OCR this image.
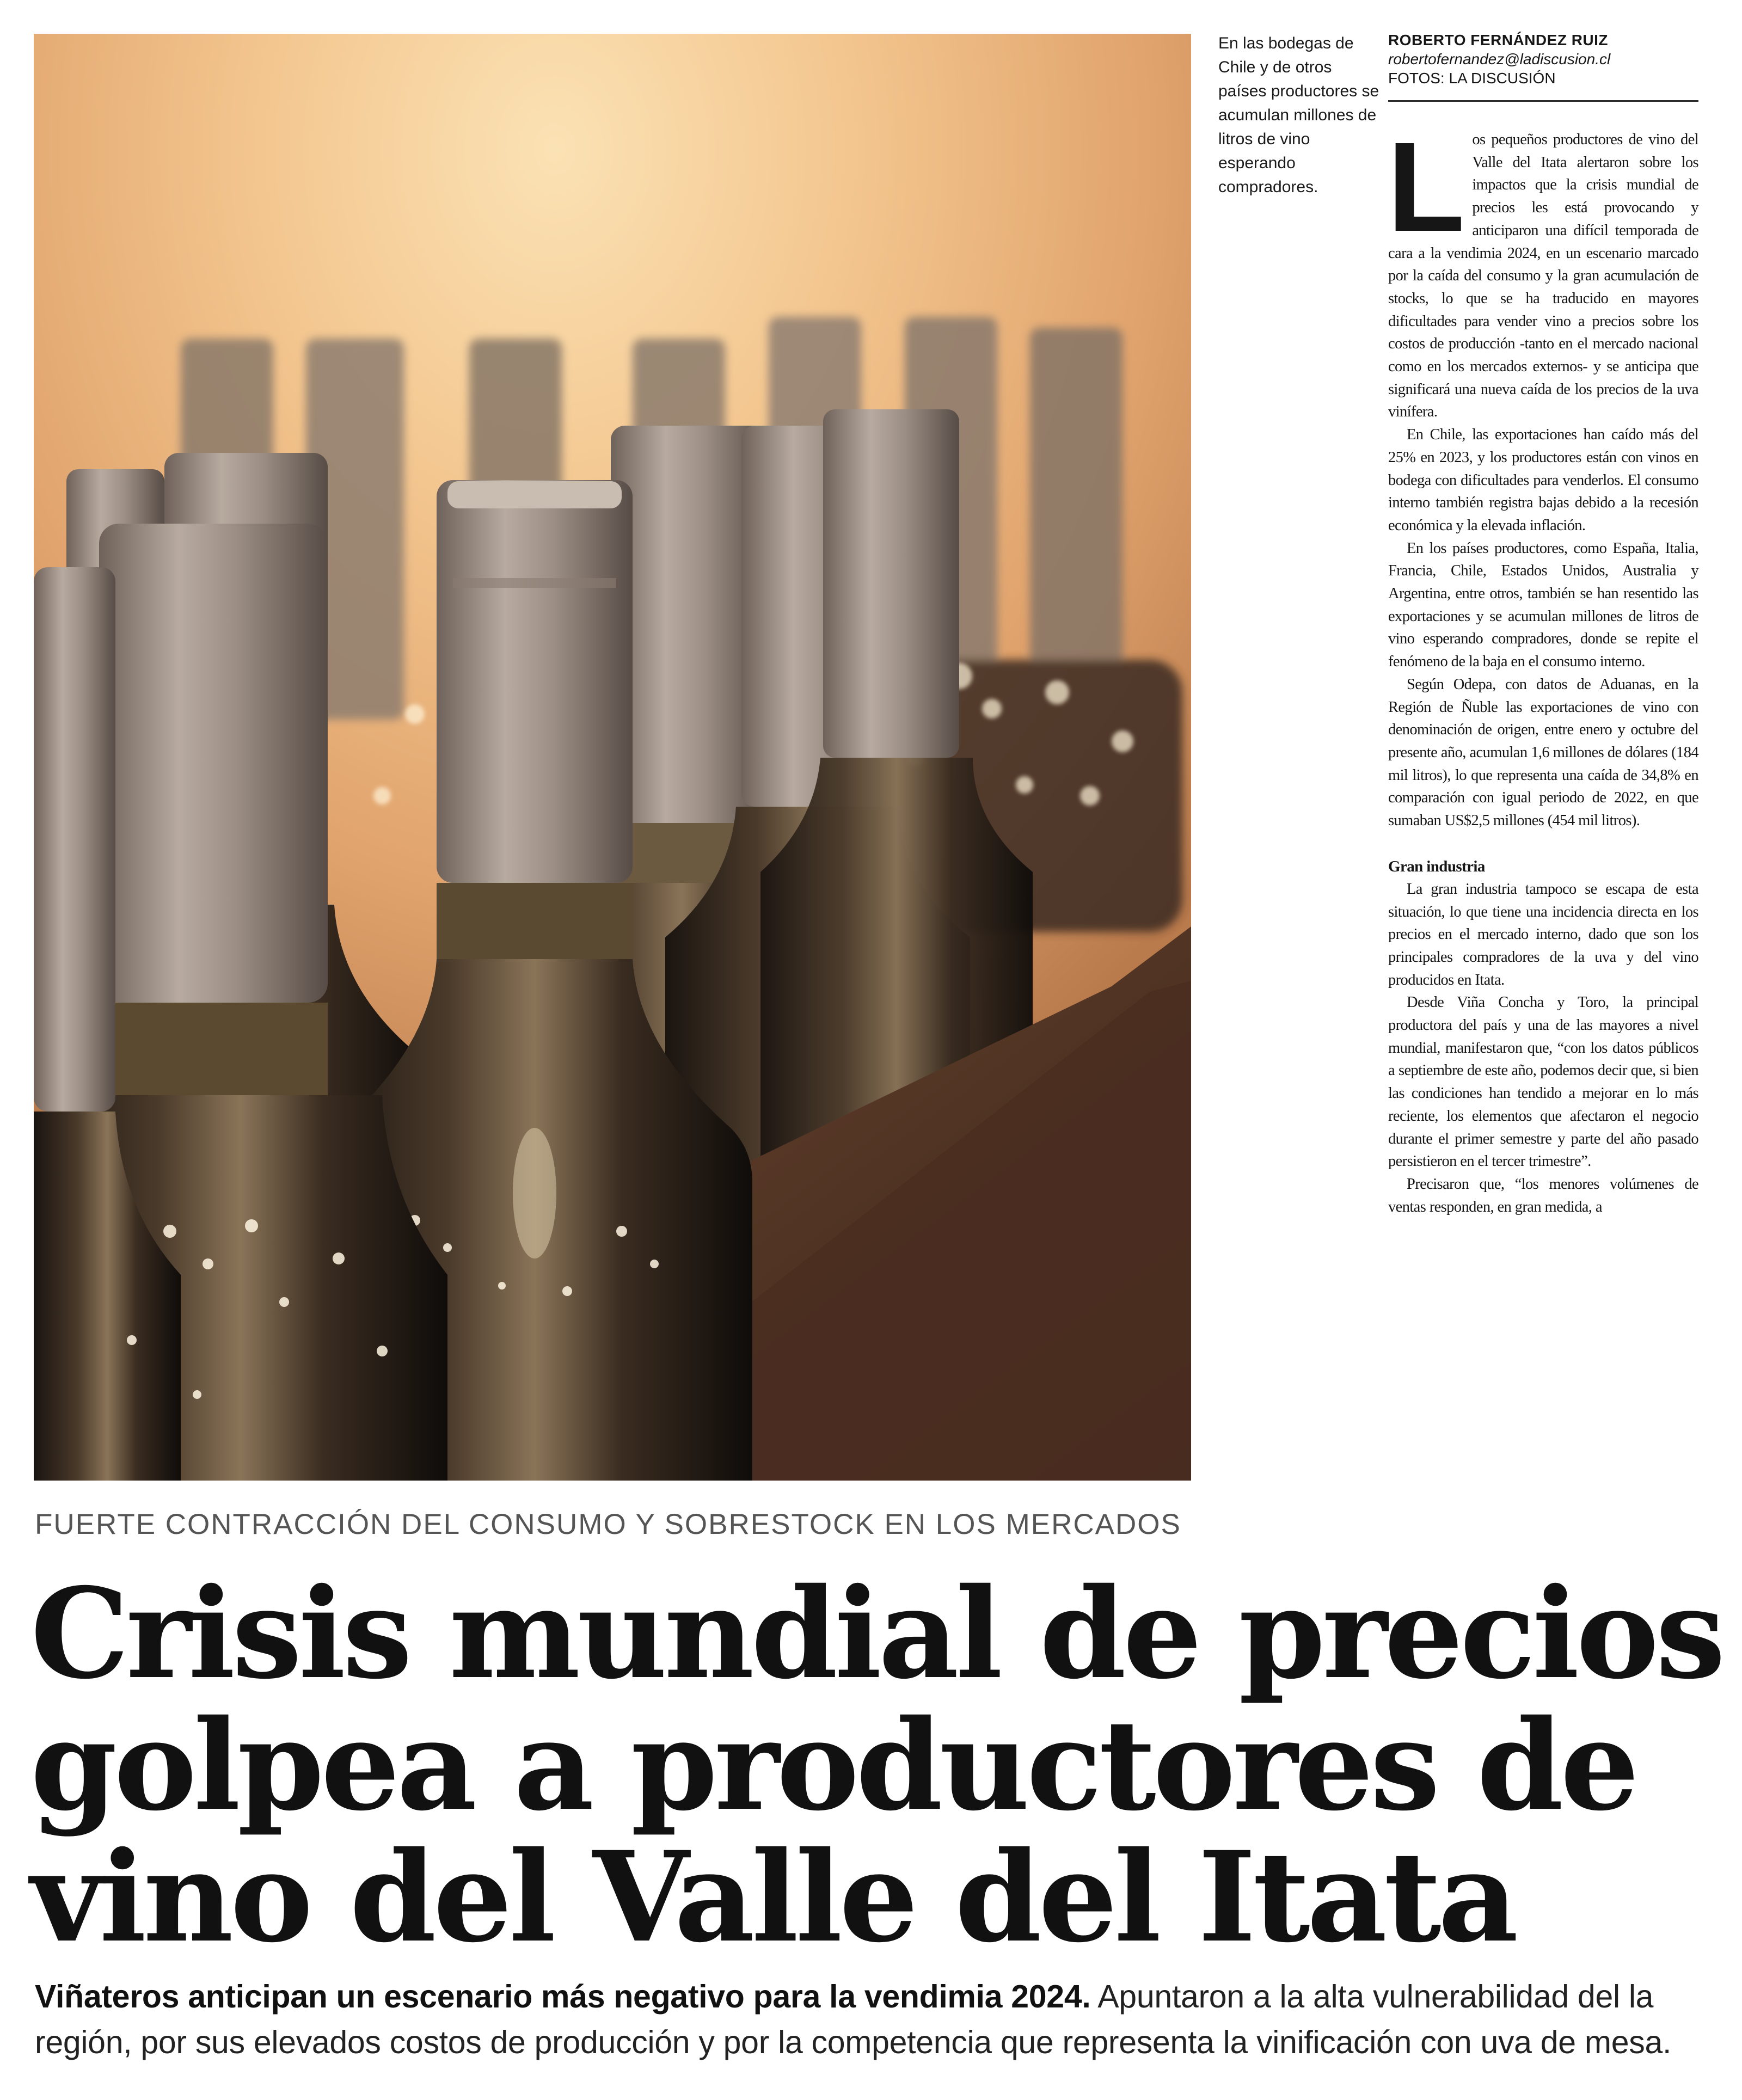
En las bodegas de Chile y de otros países productores se acumulan millones de litros de vino esperando compradores.
ROBERTO FERNÁNDEZ RUIZ
robertofernandez@ladiscusion.cl
FOTOS: LA DISCUSIÓN

Los pequeños productores de vino del Valle del Itata alertaron sobre los impactos que la crisis mundial de precios les está provocando y anticiparon una difícil temporada de cara a la vendimia 2024, en un escenario marcado por la caída del consumo y la gran acumulación de stocks, lo que se ha traducido en mayores dificultades para vender vino a precios sobre los costos de producción -tanto en el mercado nacional como en los mercados externos- y se anticipa que significará una nueva caída de los precios de la uva vinífera.

En Chile, las exportaciones han caído más del 25% en 2023, y los productores están con vinos en bodega con dificultades para venderlos. El consumo interno también registra bajas debido a la recesión económica y la elevada inflación.

En los países productores, como España, Italia, Francia, Chile, Estados Unidos, Australia y Argentina, entre otros, también se han resentido las exportaciones y se acumulan millones de litros de vino esperando compradores, donde se repite el fenómeno de la baja en el consumo interno.

Según Odepa, con datos de Aduanas, en la Región de Ñuble las exportaciones de vino con denominación de origen, entre enero y octubre del presente año, acumulan 1,6 millones de dólares (184 mil litros), lo que representa una caída de 34,8% en comparación con igual periodo de 2022, en que sumaban US$2,5 millones (454 mil litros).

Gran industria

La gran industria tampoco se escapa de esta situación, lo que tiene una incidencia directa en los precios en el mercado interno, dado que son los principales compradores de la uva y del vino producidos en Itata.

Desde Viña Concha y Toro, la principal productora del país y una de las mayores a nivel mundial, manifestaron que, “con los datos públicos a septiembre de este año, podemos decir que, si bien las condiciones han tendido a mejorar en lo más reciente, los elementos que afectaron el negocio durante el primer semestre y parte del año pasado persistieron en el tercer trimestre”.

Precisaron que, “los menores volúmenes de ventas responden, en gran medida, a

FUERTE CONTRACCIÓN DEL CONSUMO Y SOBRESTOCK EN LOS MERCADOS
Crisis mundial de precios
golpea a productores de
vino del Valle del Itata
Viñateros anticipan un escenario más negativo para la vendimia 2024. Apuntaron a la alta vulnerabilidad del la región, por sus elevados costos de producción y por la competencia que representa la vinificación con uva de mesa.
